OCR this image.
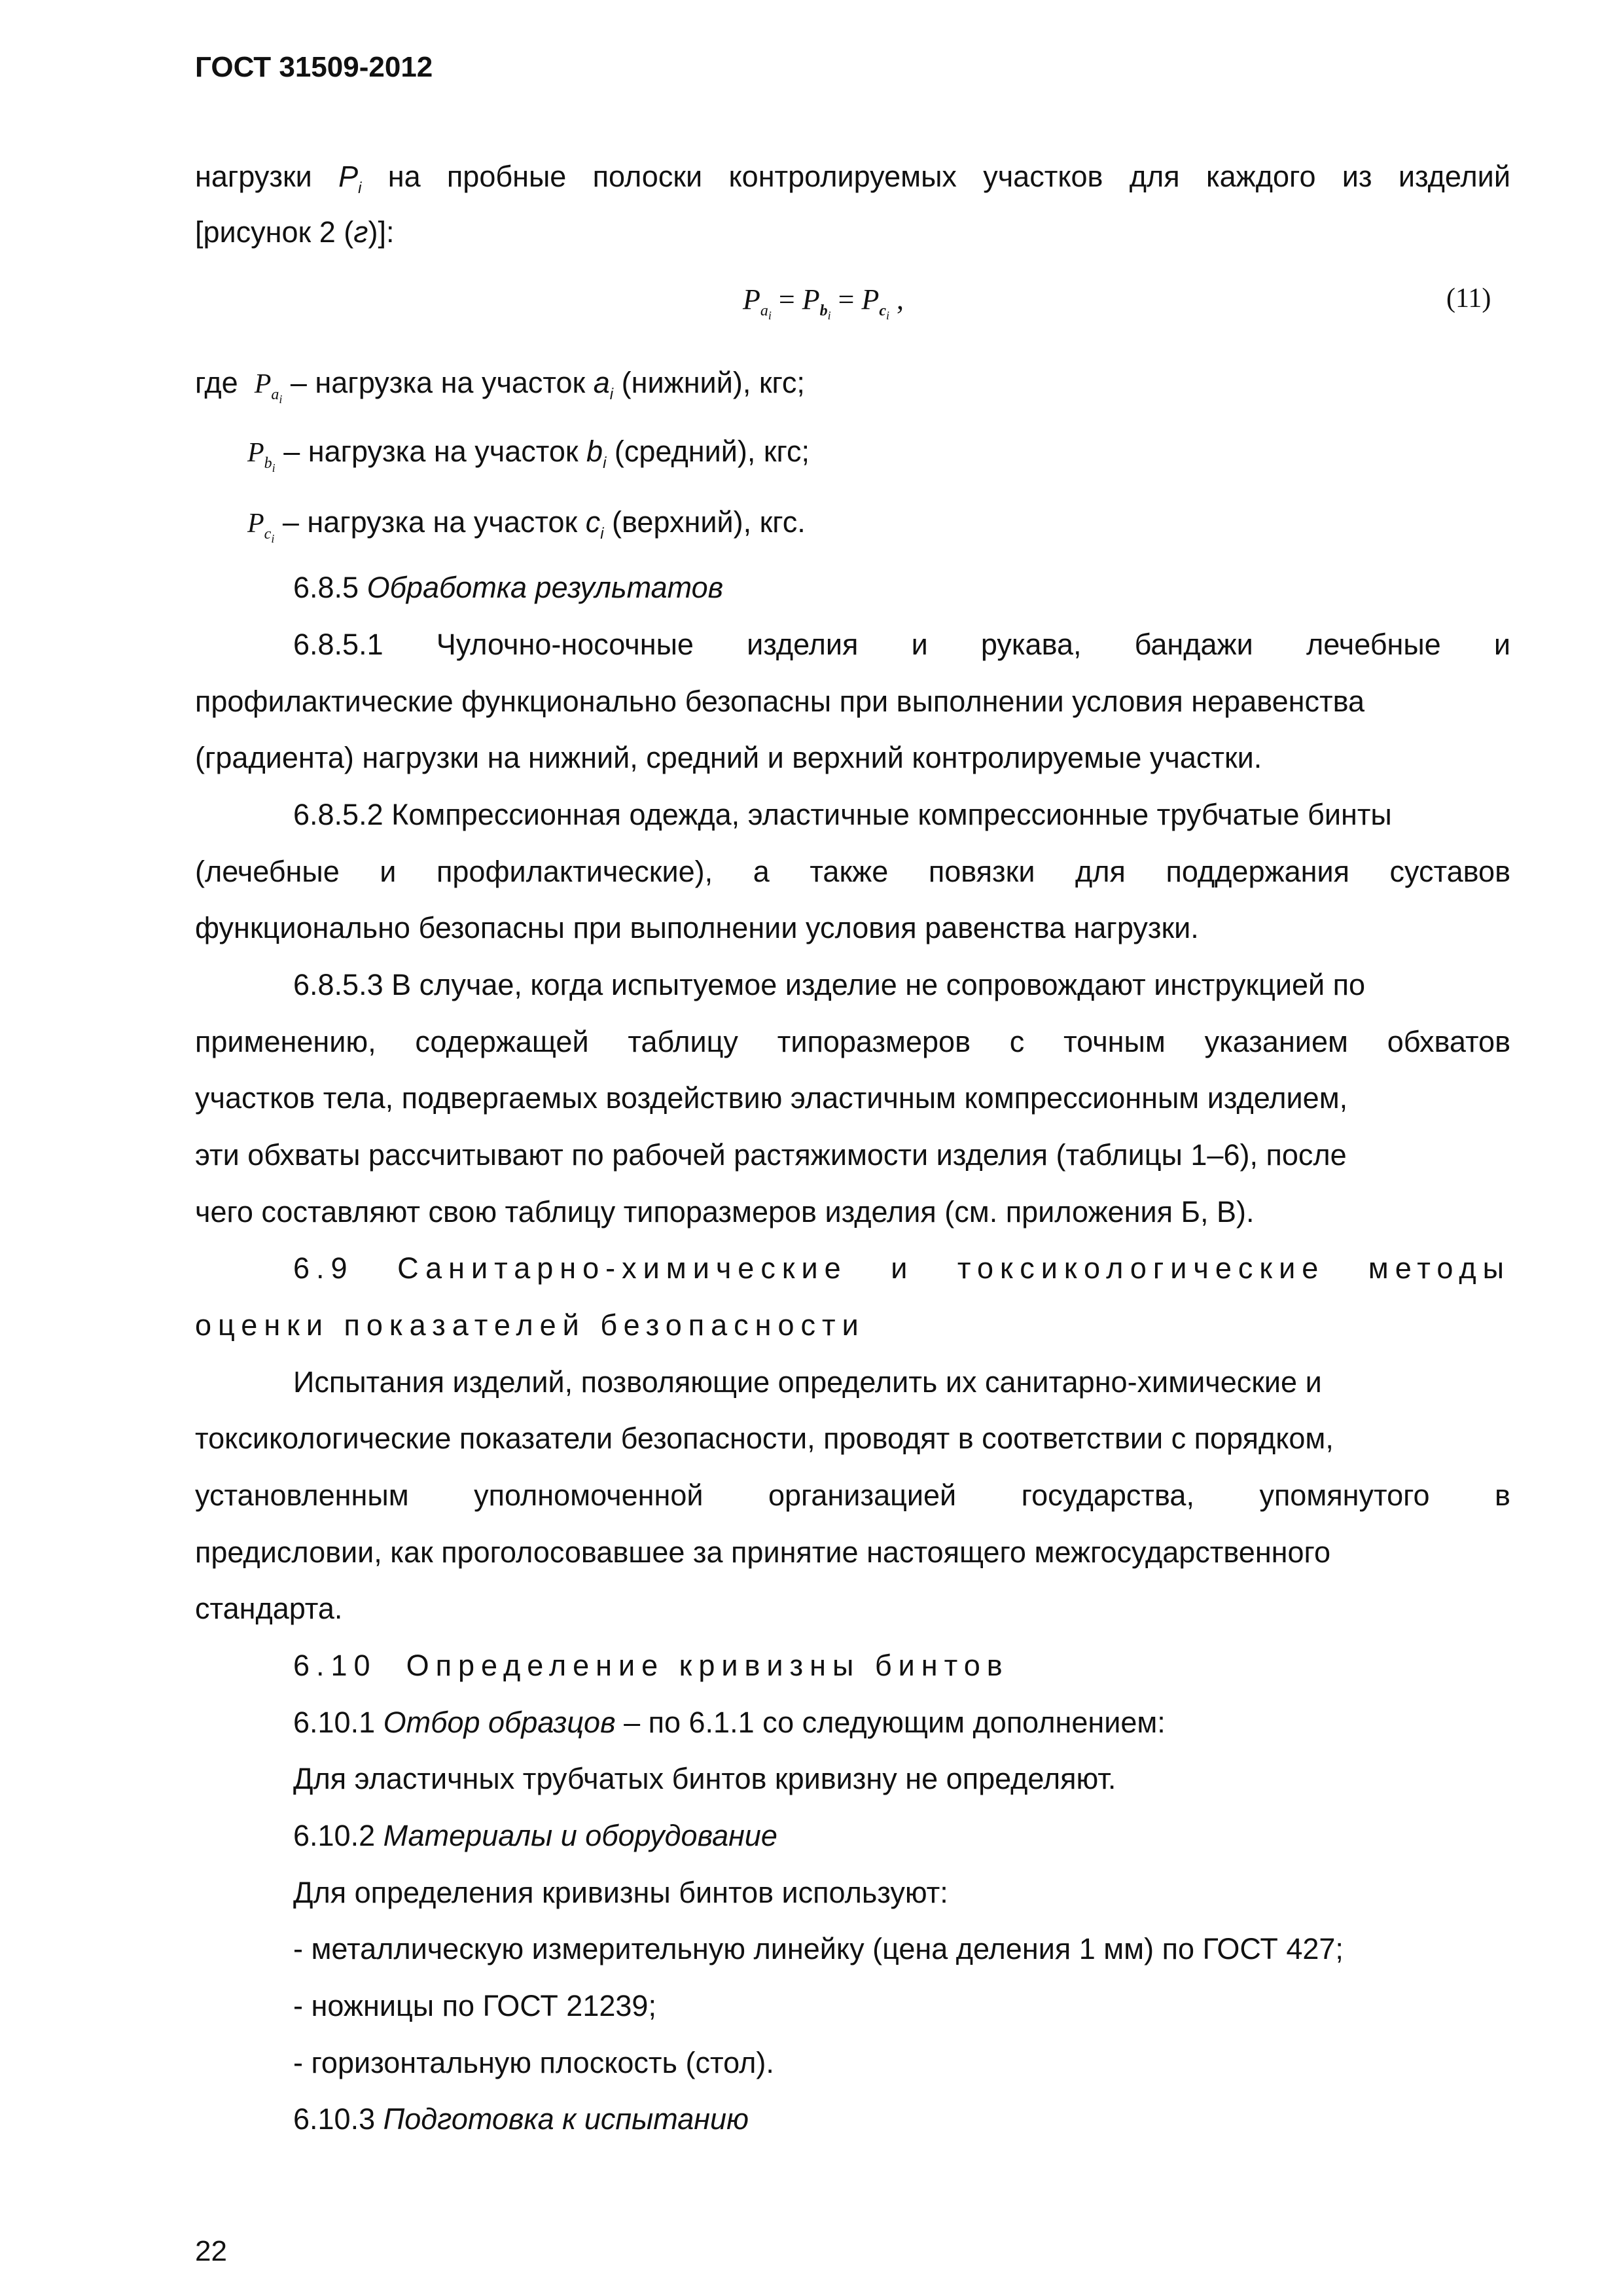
ГОСТ 31509-2012
нагрузки $P_i$ на пробные полоски контролируемых участков для каждого из изделий
[рисунок 2 (г)]:
$P_{a_i} = P_{b_i} = P_{c_i}$ ,	(11)
где $P_{a_i}$ – нагрузка на участок $a_i$ (нижний), кгс;
$P_{b_i}$ – нагрузка на участок $b_i$ (средний), кгс;
$P_{c_i}$ – нагрузка на участок $c_i$ (верхний), кгс.
6.8.5 Обработка результатов
6.8.5.1 Чулочно-носочные изделия и рукава, бандажи лечебные и
профилактические функционально безопасны при выполнении условия неравенства
(градиента) нагрузки на нижний, средний и верхний контролируемые участки.
6.8.5.2 Компрессионная одежда, эластичные компрессионные трубчатые бинты
(лечебные и профилактические), а также повязки для поддержания суставов
функционально безопасны при выполнении условия равенства нагрузки.
6.8.5.3 В случае, когда испытуемое изделие не сопровождают инструкцией по
применению, содержащей таблицу типоразмеров с точным указанием обхватов
участков тела, подвергаемых воздействию эластичным компрессионным изделием,
эти обхваты рассчитывают по рабочей растяжимости изделия (таблицы 1–6), после
чего составляют свою таблицу типоразмеров изделия (см. приложения Б, В).
6.9 Санитарно-химические и токсикологические методы
оценки показателей безопасности
Испытания изделий, позволяющие определить их санитарно-химические и
токсикологические показатели безопасности, проводят в соответствии с порядком,
установленным уполномоченной организацией государства, упомянутого в
предисловии, как проголосовавшее за принятие настоящего межгосударственного
стандарта.
6.10 Определение кривизны бинтов
6.10.1 Отбор образцов – по 6.1.1 со следующим дополнением:
Для эластичных трубчатых бинтов кривизну не определяют.
6.10.2 Материалы и оборудование
Для определения кривизны бинтов используют:
- металлическую измерительную линейку (цена деления 1 мм) по ГОСТ 427;
- ножницы по ГОСТ 21239;
- горизонтальную плоскость (стол).
6.10.3 Подготовка к испытанию
22
